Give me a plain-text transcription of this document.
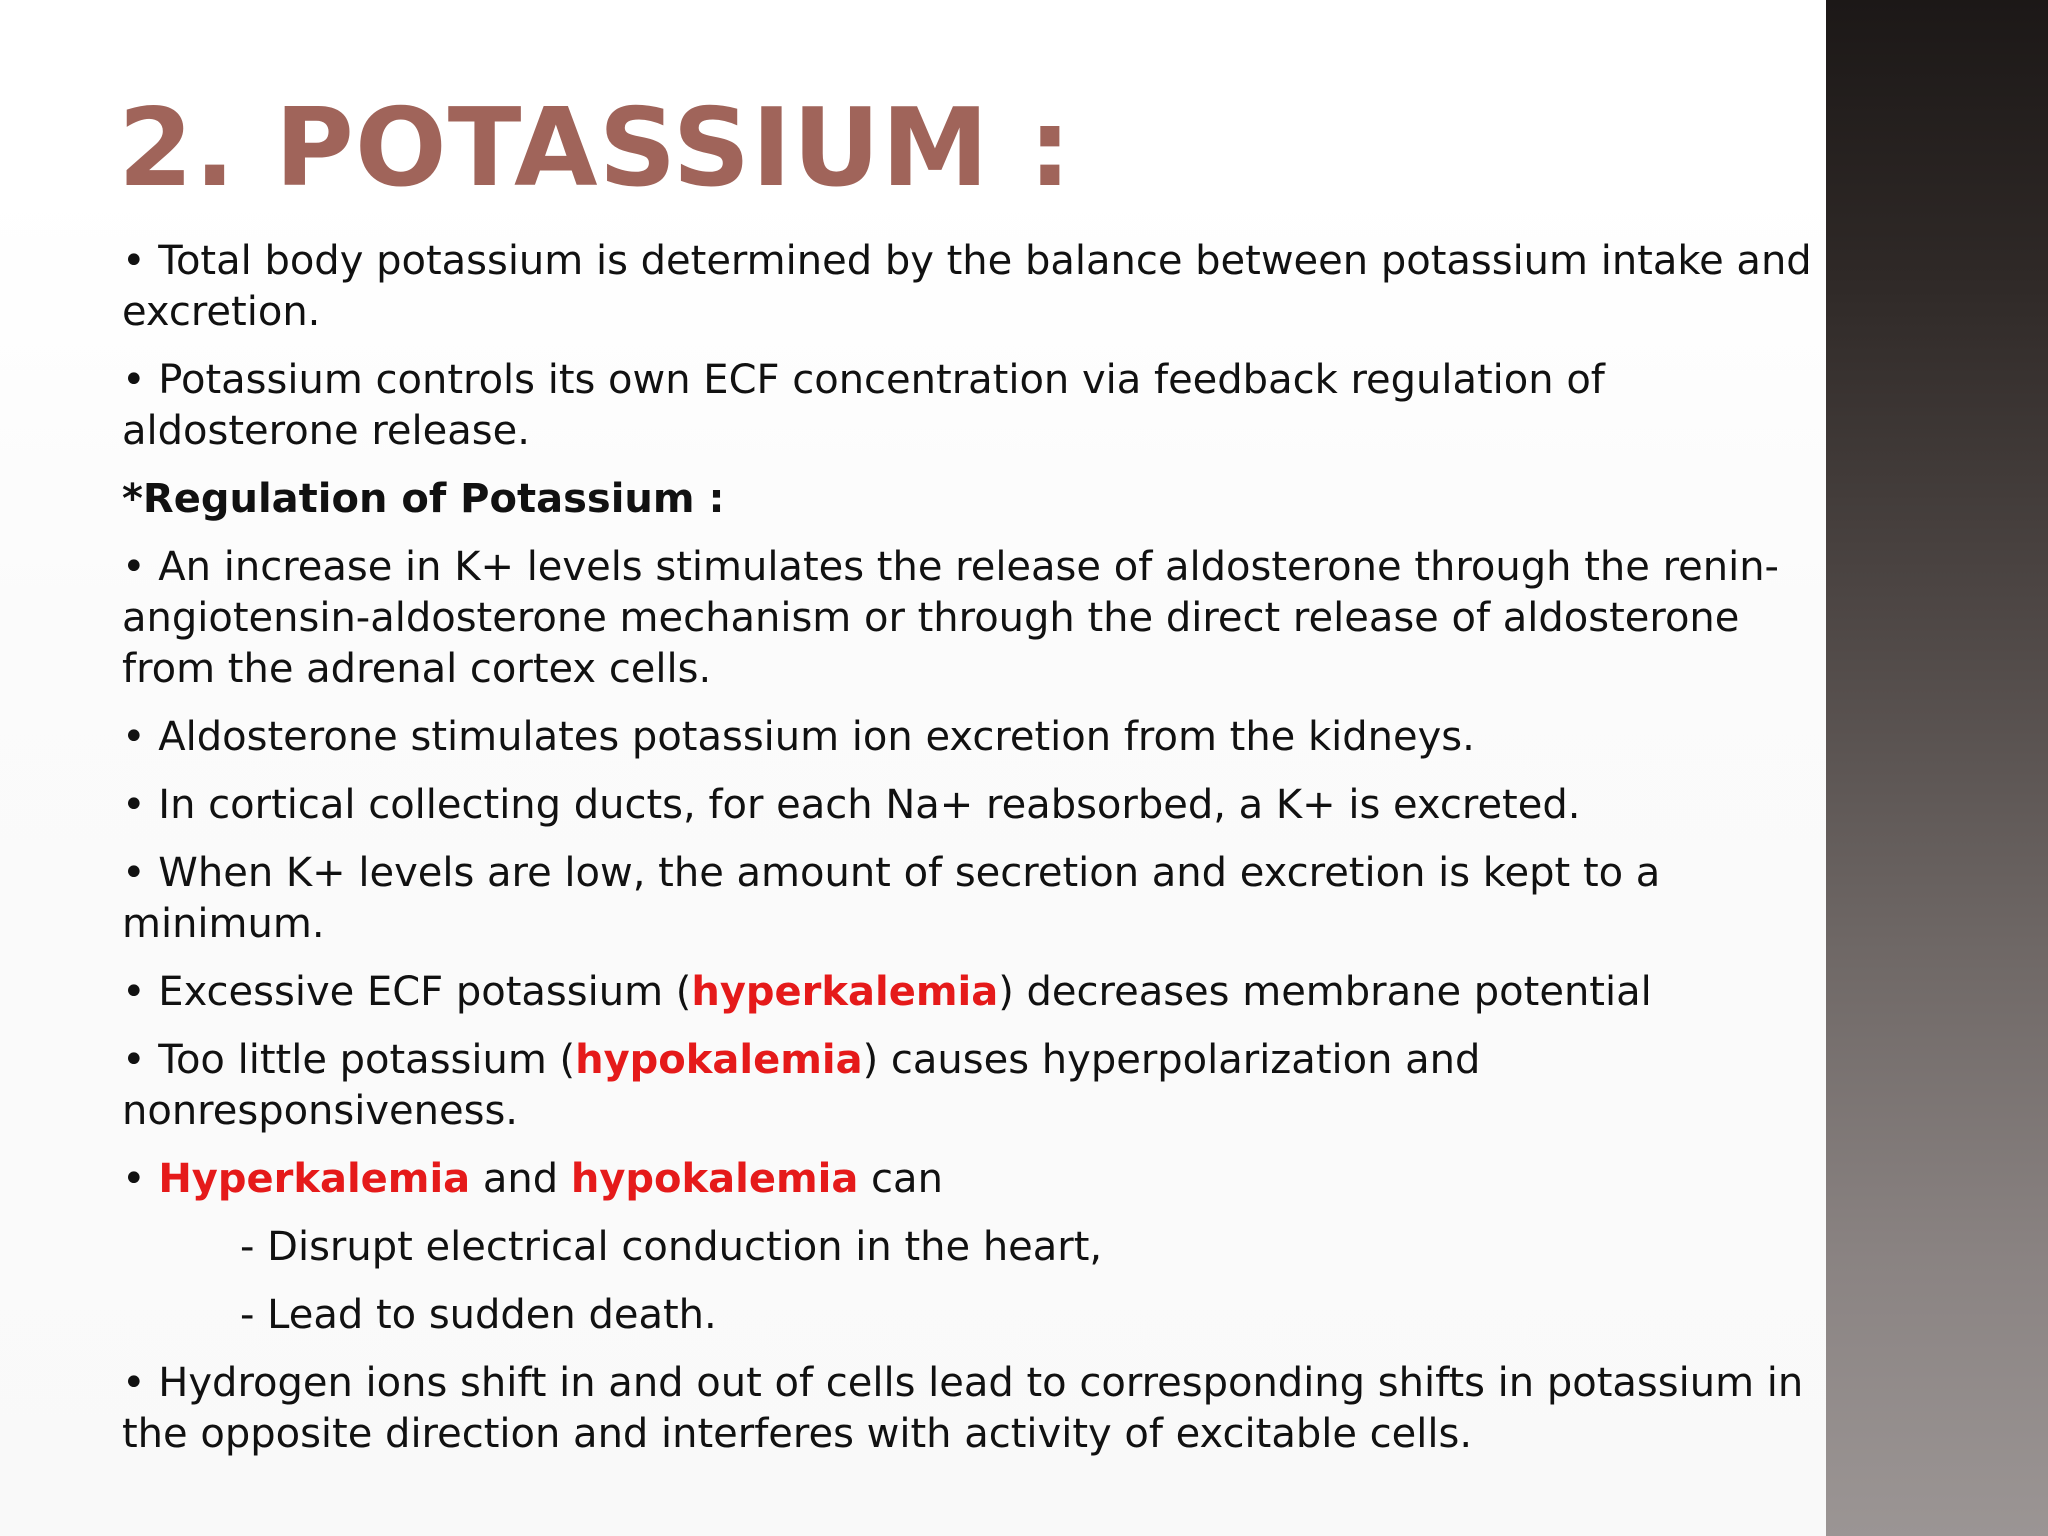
2. POTASSIUM :

• Total body potassium is determined by the balance between potassium intake and excretion.

• Potassium controls its own ECF concentration via feedback regulation of aldosterone release.

*Regulation of Potassium :

• An increase in K+ levels stimulates the release of aldosterone through the renin-angiotensin-aldosterone mechanism or through the direct release of aldosterone from the adrenal cortex cells.

• Aldosterone stimulates potassium ion excretion from the kidneys.

• In cortical collecting ducts, for each Na+ reabsorbed, a K+ is excreted.

• When K+ levels are low, the amount of secretion and excretion is kept to a minimum.

• Excessive ECF potassium (hyperkalemia) decreases membrane potential

• Too little potassium (hypokalemia) causes hyperpolarization and nonresponsiveness.

• Hyperkalemia and hypokalemia can

- Disrupt electrical conduction in the heart,

- Lead to sudden death.

• Hydrogen ions shift in and out of cells lead to corresponding shifts in potassium in the opposite direction and interferes with activity of excitable cells.
